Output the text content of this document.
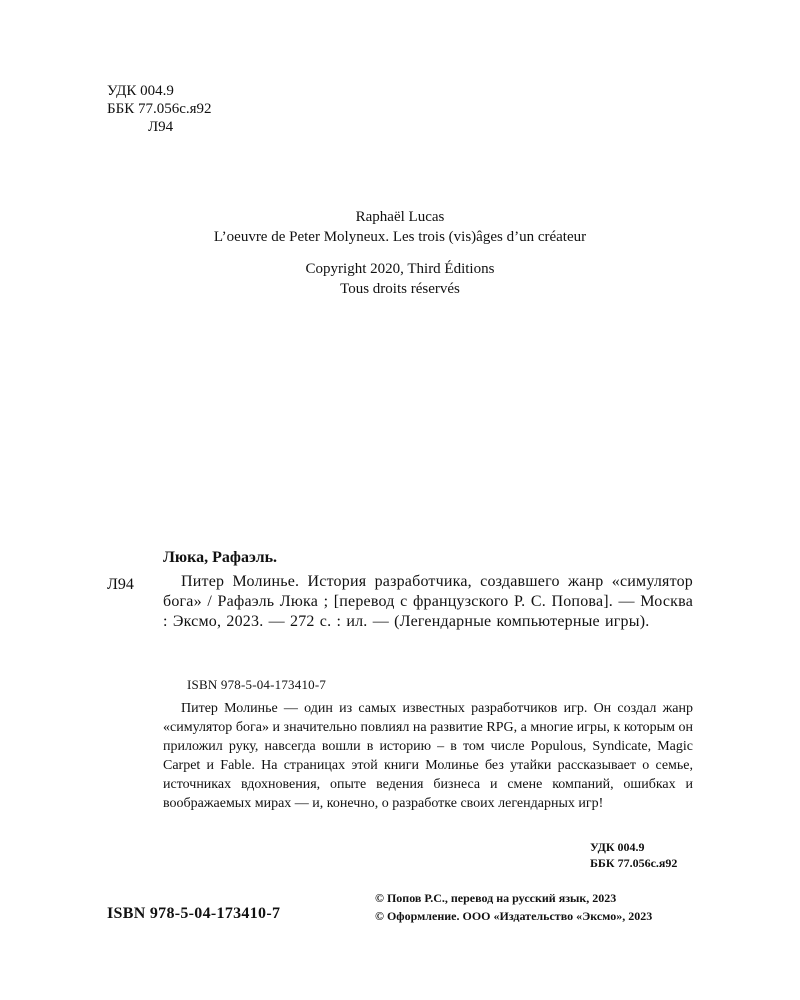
УДК 004.9
ББК 77.056с.я92
Л94
Raphaël Lucas
L’oeuvre de Peter Molyneux. Les trois (vis)âges d’un créateur
Copyright 2020, Third Éditions
Tous droits réservés
Люка, Рафаэль.
Л94	Питер Молинье. История разработчика, создавшего жанр «симулятор бога» / Рафаэль Люка ; [перевод с французского Р. С. Попова]. — Москва : Эксмо, 2023. — 272 с. : ил. — (Легендарные компьютерные игры).
ISBN 978-5-04-173410-7
Питер Молинье — один из самых известных разработчиков игр. Он создал жанр «симулятор бога» и значительно повлиял на развитие RPG, а многие игры, к которым он приложил руку, навсегда вошли в историю – в том числе Populous, Syndicate, Magic Carpet и Fable. На страницах этой книги Молинье без утайки рассказывает о семье, источниках вдохновения, опыте ведения бизнеса и смене компаний, ошибках и воображаемых мирах — и, конечно, о разработке своих легендарных игр!
УДК 004.9
ББК 77.056с.я92
ISBN 978-5-04-173410-7
© Попов Р.С., перевод на русский язык, 2023
© Оформление. ООО «Издательство «Эксмо», 2023
